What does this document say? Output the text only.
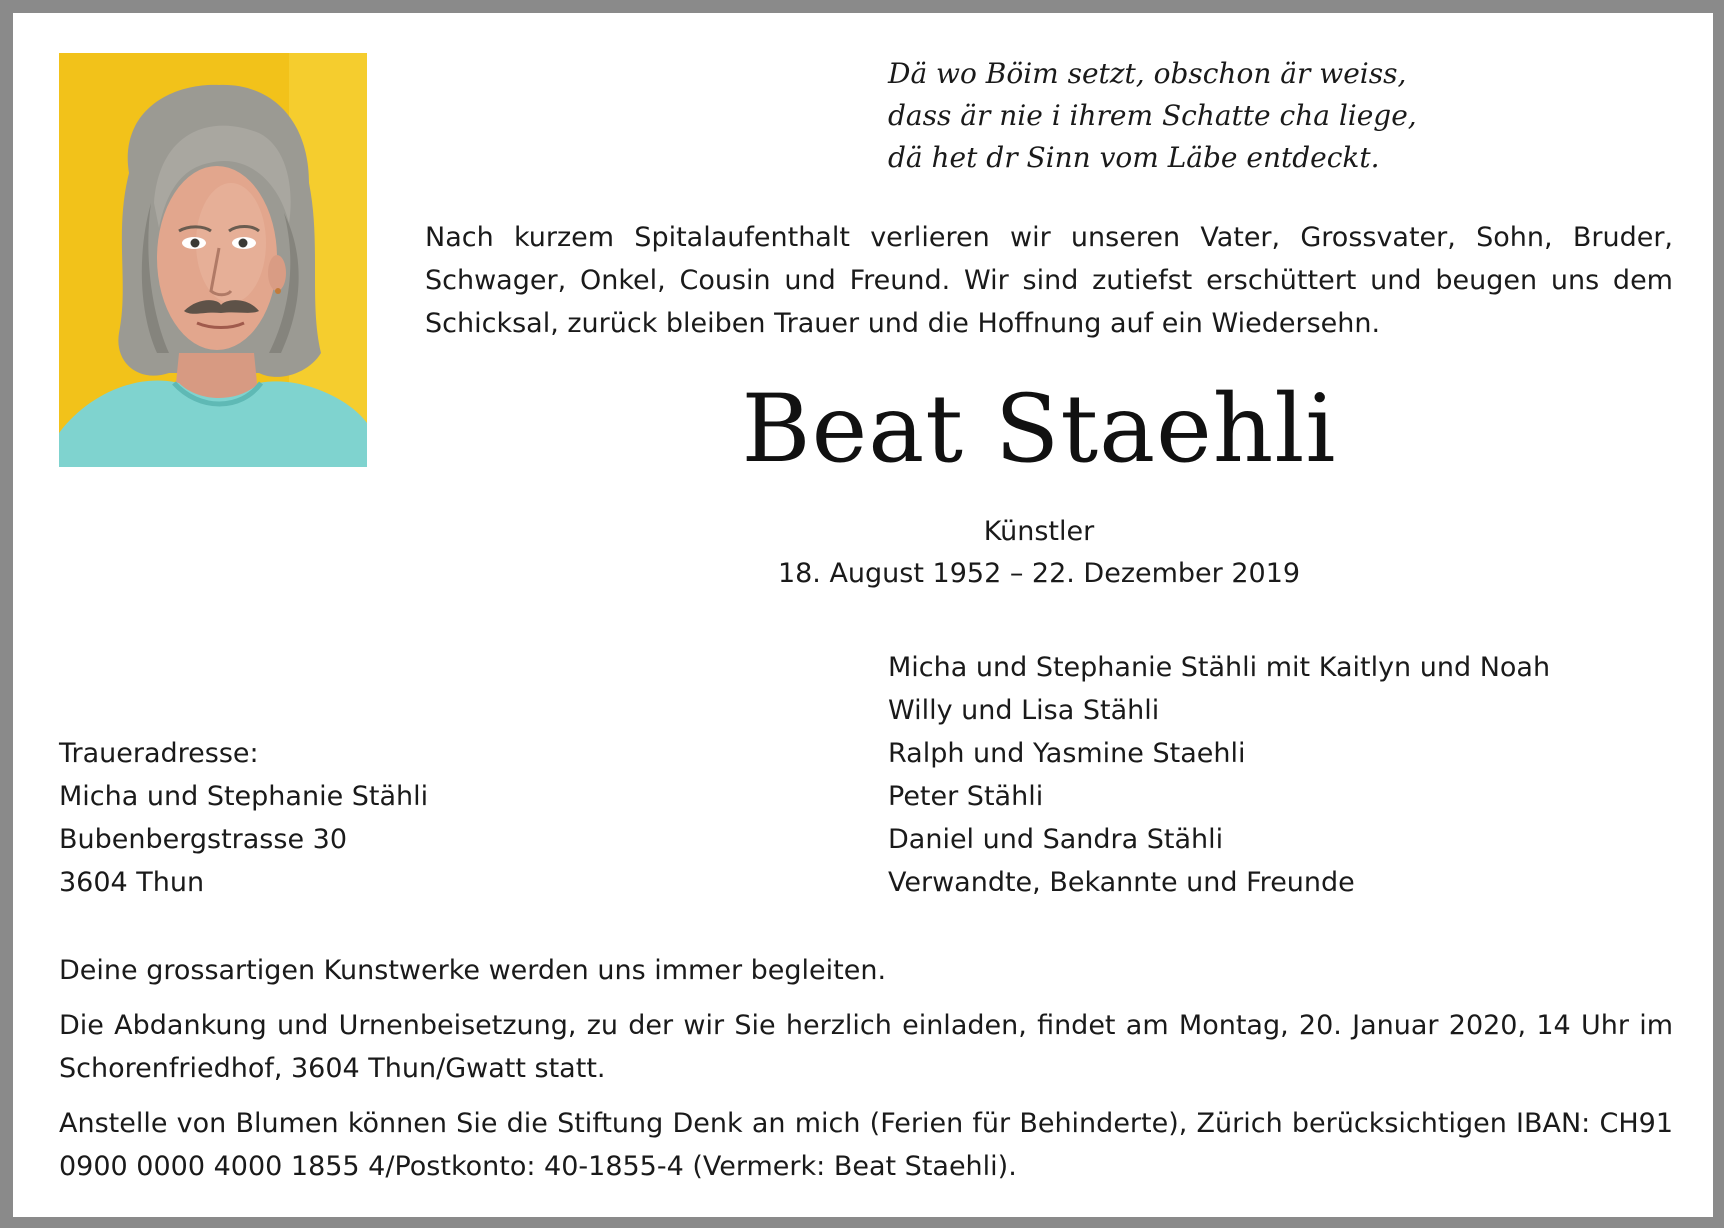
Dä wo Böim setzt, obschon är weiss,
dass är nie i ihrem Schatte cha liege,
dä het dr Sinn vom Läbe entdeckt.
Nach kurzem Spitalaufenthalt verlieren wir unseren Vater, Grossvater, Sohn, Bruder, Schwager, Onkel, Cousin und Freund. Wir sind zutiefst erschüttert und beugen uns dem Schicksal, zurück bleiben Trauer und die Hoffnung auf ein Wiedersehn.
Beat Staehli
Künstler
18. August 1952 – 22. Dezember 2019
Micha und Stephanie Stähli mit Kaitlyn und Noah
Willy und Lisa Stähli
Ralph und Yasmine Staehli
Peter Stähli
Daniel und Sandra Stähli
Verwandte, Bekannte und Freunde
Traueradresse:
Micha und Stephanie Stähli
Bubenbergstrasse 30
3604 Thun
Deine grossartigen Kunstwerke werden uns immer begleiten.
Die Abdankung und Urnenbeisetzung, zu der wir Sie herzlich einladen, findet am Montag, 20. Januar 2020, 14 Uhr im Schorenfriedhof, 3604 Thun/Gwatt statt.
Anstelle von Blumen können Sie die Stiftung Denk an mich (Ferien für Behinderte), Zürich berücksichtigen IBAN: CH91 0900 0000 4000 1855 4/Postkonto: 40-1855-4 (Vermerk: Beat Staehli).
